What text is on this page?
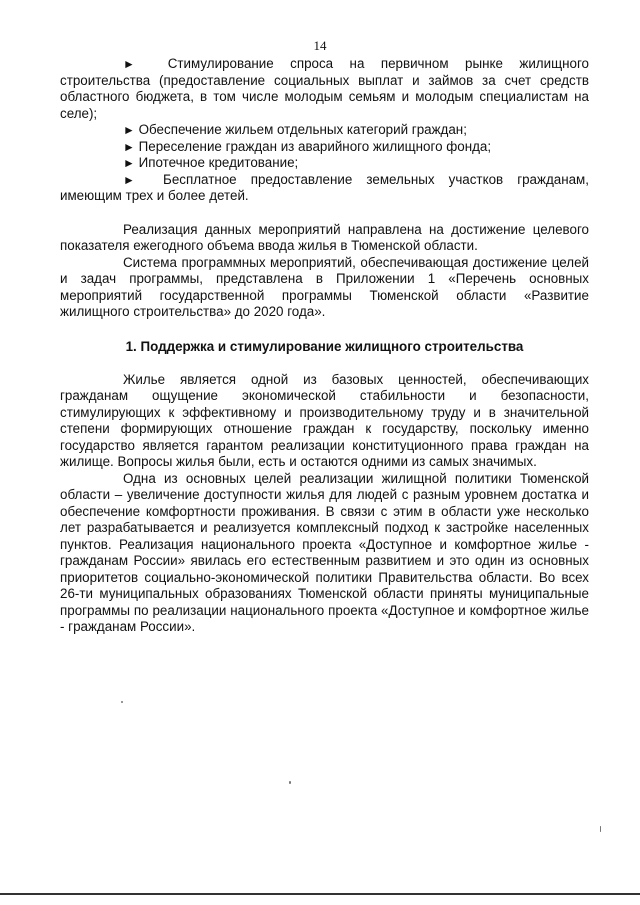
14

► Стимулирование спроса на первичном рынке жилищного строительства (предоставление социальных выплат и займов за счет средств областного бюджета, в том числе молодым семьям и молодым специалистам на селе);

► Обеспечение жильем отдельных категорий граждан;

► Переселение граждан из аварийного жилищного фонда;

► Ипотечное кредитование;

► Бесплатное предоставление земельных участков гражданам, имеющим трех и более детей.

Реализация данных мероприятий направлена на достижение целевого показателя ежегодного объема ввода жилья в Тюменской области.

Система программных мероприятий, обеспечивающая достижение целей и задач программы, представлена в Приложении 1 «Перечень основных мероприятий государственной программы Тюменской области «Развитие жилищного строительства» до 2020 года».

1. Поддержка и стимулирование жилищного строительства

Жилье является одной из базовых ценностей, обеспечивающих гражданам ощущение экономической стабильности и безопасности, стимулирующих к эффективному и производительному труду и в значительной степени формирующих отношение граждан к государству, поскольку именно государство является гарантом реализации конституционного права граждан на жилище. Вопросы жилья были, есть и остаются одними из самых значимых.

Одна из основных целей реализации жилищной политики Тюменской области – увеличение доступности жилья для людей с разным уровнем достатка и обеспечение комфортности проживания. В связи с этим в области уже несколько лет разрабатывается и реализуется комплексный подход к застройке населенных пунктов. Реализация национального проекта «Доступное и комфортное жилье - гражданам России» явилась его естественным развитием и это один из основных приоритетов социально-экономической политики Правительства области. Во всех 26-ти муниципальных образованиях Тюменской области приняты муниципальные программы по реализации национального проекта «Доступное и комфортное жилье - гражданам России».
